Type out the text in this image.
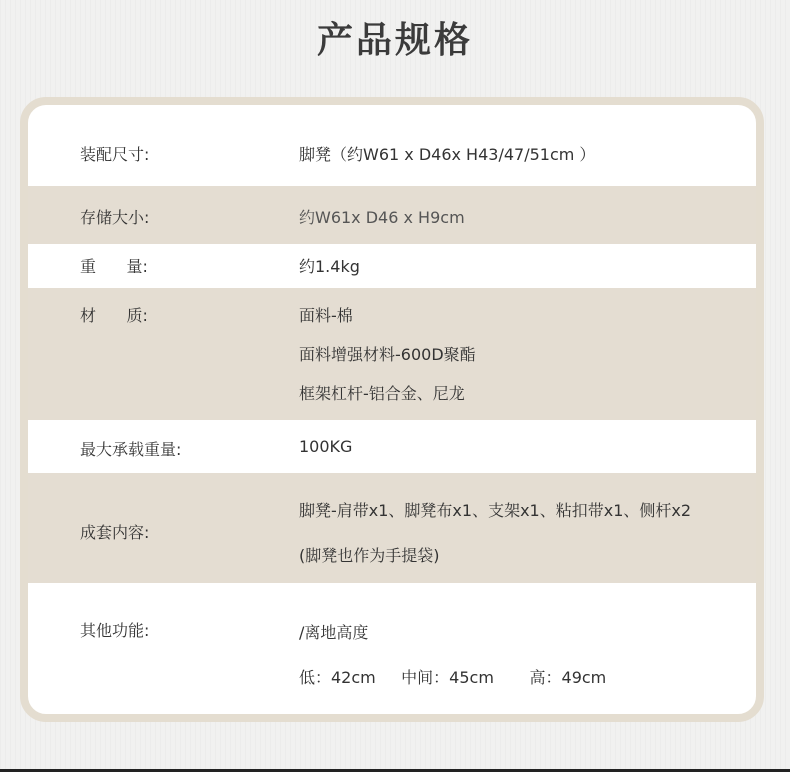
产品规格
装配尺寸:	脚凳（约W61 x D46x H43/47/51cm ）
存储大小:	约W61x D46 x H9cm
重      量:	约1.4kg
材      质:	面料-棉
面料增强材料-600D聚酯
框架杠杆-铝合金、尼龙
最大承载重量:	100KG
成套内容:
脚凳-肩带x1、脚凳布x1、支架x1、粘扣带x1、侧杆x2
(脚凳也作为手提袋)
其他功能:	/离地高度
低：42cm     中间：45cm       高：49cm
